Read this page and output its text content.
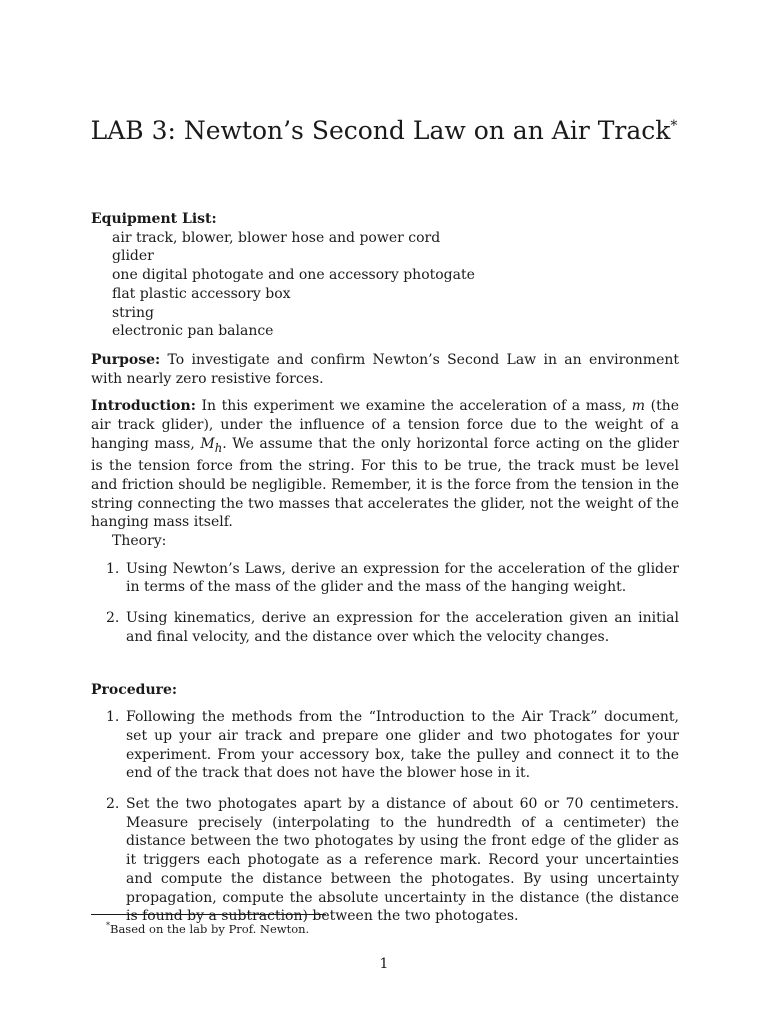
LAB 3: Newton’s Second Law on an Air Track*
Equipment List:
air track, blower, blower hose and power cord
glider
one digital photogate and one accessory photogate
flat plastic accessory box
string
electronic pan balance

Purpose: To investigate and confirm Newton’s Second Law in an environment with nearly zero resistive forces.

Introduction: In this experiment we examine the acceleration of a mass, m (the air track glider), under the influence of a tension force due to the weight of a hanging mass, $M_h$. We assume that the only horizontal force acting on the glider is the tension force from the string. For this to be true, the track must be level and friction should be negligible. Remember, it is the force from the tension in the string connecting the two masses that accelerates the glider, not the weight of the hanging mass itself.

Theory:
1. Using Newton’s Laws, derive an expression for the acceleration of the glider in terms of the mass of the glider and the mass of the hanging weight.
2. Using kinematics, derive an expression for the acceleration given an initial and final velocity, and the distance over which the velocity changes.
Procedure:
1. Following the methods from the “Introduction to the Air Track” document, set up your air track and prepare one glider and two photogates for your experiment. From your accessory box, take the pulley and connect it to the end of the track that does not have the blower hose in it.
2. Set the two photogates apart by a distance of about 60 or 70 centimeters. Measure precisely (interpolating to the hundredth of a centimeter) the distance between the two photogates by using the front edge of the glider as it triggers each photogate as a reference mark. Record your uncertainties and compute the distance between the photogates. By using uncertainty propagation, compute the absolute uncertainty in the distance (the distance is found by a subtraction) between the two photogates.
*Based on the lab by Prof. Newton.
1
